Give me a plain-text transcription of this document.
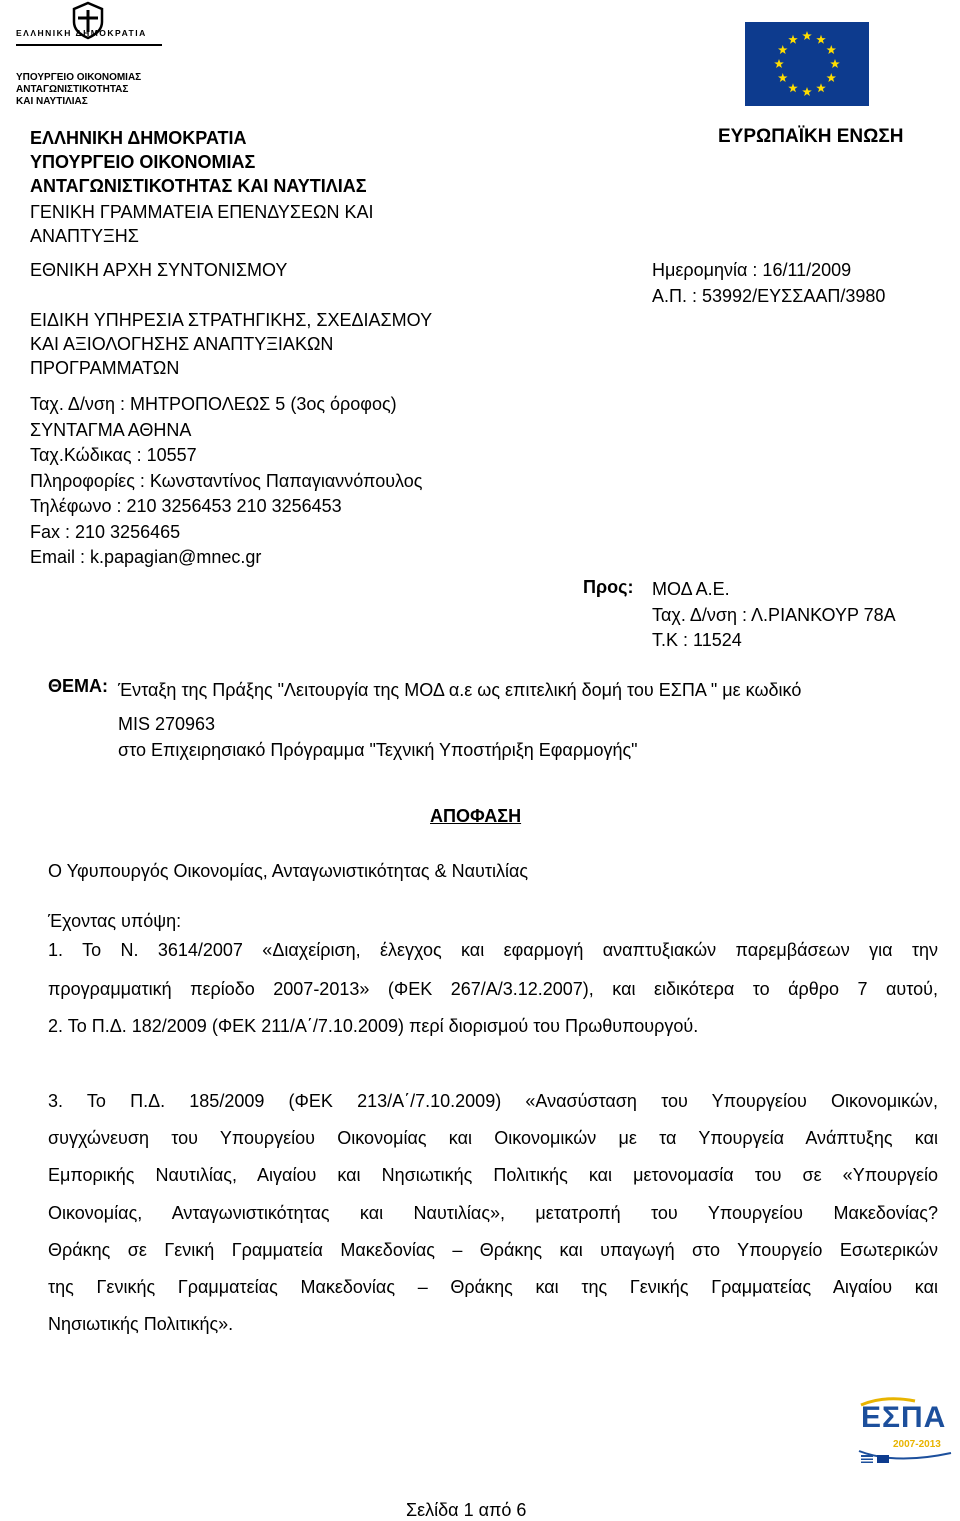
ΕΛΛΗΝΙΚΗ ΔΗΜΟΚΡΑΤΙΑ
ΥΠΟΥΡΓΕΙΟ ΟΙΚΟΝΟΜΙΑΣ
ΑΝΤΑΓΩΝΙΣΤΙΚΟΤΗΤΑΣ
ΚΑΙ ΝΑΥΤΙΛΙΑΣ
ΕΛΛΗΝΙΚΗ ΔΗΜΟΚΡΑΤΙΑ
ΥΠΟΥΡΓΕΙΟ ΟΙΚΟΝΟΜΙΑΣ
ΑΝΤΑΓΩΝΙΣΤΙΚΟΤΗΤΑΣ ΚΑΙ ΝΑΥΤΙΛΙΑΣ
ΓΕΝΙΚΗ ΓΡΑΜΜΑΤΕΙΑ ΕΠΕΝΔΥΣΕΩΝ ΚΑΙ
ΑΝΑΠΤΥΞΗΣ
ΕΥΡΩΠΑΪΚΗ ΕΝΩΣΗ
ΕΘΝΙΚΗ ΑΡΧΗ ΣΥΝΤΟΝΙΣΜΟΥ	Ημερομηνία : 16/11/2009
Α.Π. : 53992/ΕΥΣΣΑΑΠ/3980
ΕΙΔΙΚΗ ΥΠΗΡΕΣΙΑ ΣΤΡΑΤΗΓΙΚΗΣ, ΣΧΕΔΙΑΣΜΟΥ
ΚΑΙ ΑΞΙΟΛΟΓΗΣΗΣ ΑΝΑΠΤΥΞΙΑΚΩΝ
ΠΡΟΓΡΑΜΜΑΤΩΝ
Ταχ. Δ/νση : ΜΗΤΡΟΠΟΛΕΩΣ 5 (3ος όροφος)
ΣΥΝΤΑΓΜΑ ΑΘΗΝΑ
Ταχ.Κώδικας : 10557
Πληροφορίες : Κωνσταντίνος Παπαγιαννόπουλος
Τηλέφωνο : 210 3256453 210 3256453
Fax : 210 3256465
Email : k.papagian@mnec.gr
Προς: ΜΟΔ Α.Ε.
Ταχ. Δ/νση : Λ.ΡΙΑΝΚΟΥΡ 78Α
Τ.Κ : 11524
ΘΕΜΑ: Ένταξη της Πράξης "Λειτουργία της ΜΟΔ α.ε ως επιτελική δομή του ΕΣΠΑ " με κωδικό
MIS 270963
στο Επιχειρησιακό Πρόγραμμα "Τεχνική Υποστήριξη Εφαρμογής"
ΑΠΟΦΑΣΗ
Ο Υφυπουργός Οικονομίας, Ανταγωνιστικότητας & Ναυτιλίας
Έχοντας υπόψη:
1. Το Ν. 3614/2007 «Διαχείριση, έλεγχος και εφαρμογή αναπτυξιακών παρεμβάσεων για την
προγραμματική περίοδο 2007-2013» (ΦΕΚ 267/Α/3.12.2007), και ειδικότερα το άρθρο 7 αυτού,
2. Το Π.Δ. 182/2009 (ΦΕΚ 211/Α΄/7.10.2009) περί διορισμού του Πρωθυπουργού.
3. Το Π.Δ. 185/2009 (ΦΕΚ 213/Α΄/7.10.2009) «Ανασύσταση του Υπουργείου Οικονομικών,
συγχώνευση του Υπουργείου Οικονομίας και Οικονομικών με τα Υπουργεία Ανάπτυξης και
Εμπορικής Ναυτιλίας, Αιγαίου και Νησιωτικής Πολιτικής και μετονομασία του σε «Υπουργείο
Οικονομίας, Ανταγωνιστικότητας και Ναυτιλίας», μετατροπή του Υπουργείου Μακεδονίας?
Θράκης σε Γενική Γραμματεία Μακεδονίας – Θράκης και υπαγωγή στο Υπουργείο Εσωτερικών
της Γενικής Γραμματείας Μακεδονίας – Θράκης και της Γενικής Γραμματείας Αιγαίου και
Νησιωτικής Πολιτικής».
ΕΣΠΑ
2007-2013
Σελίδα 1 από 6
